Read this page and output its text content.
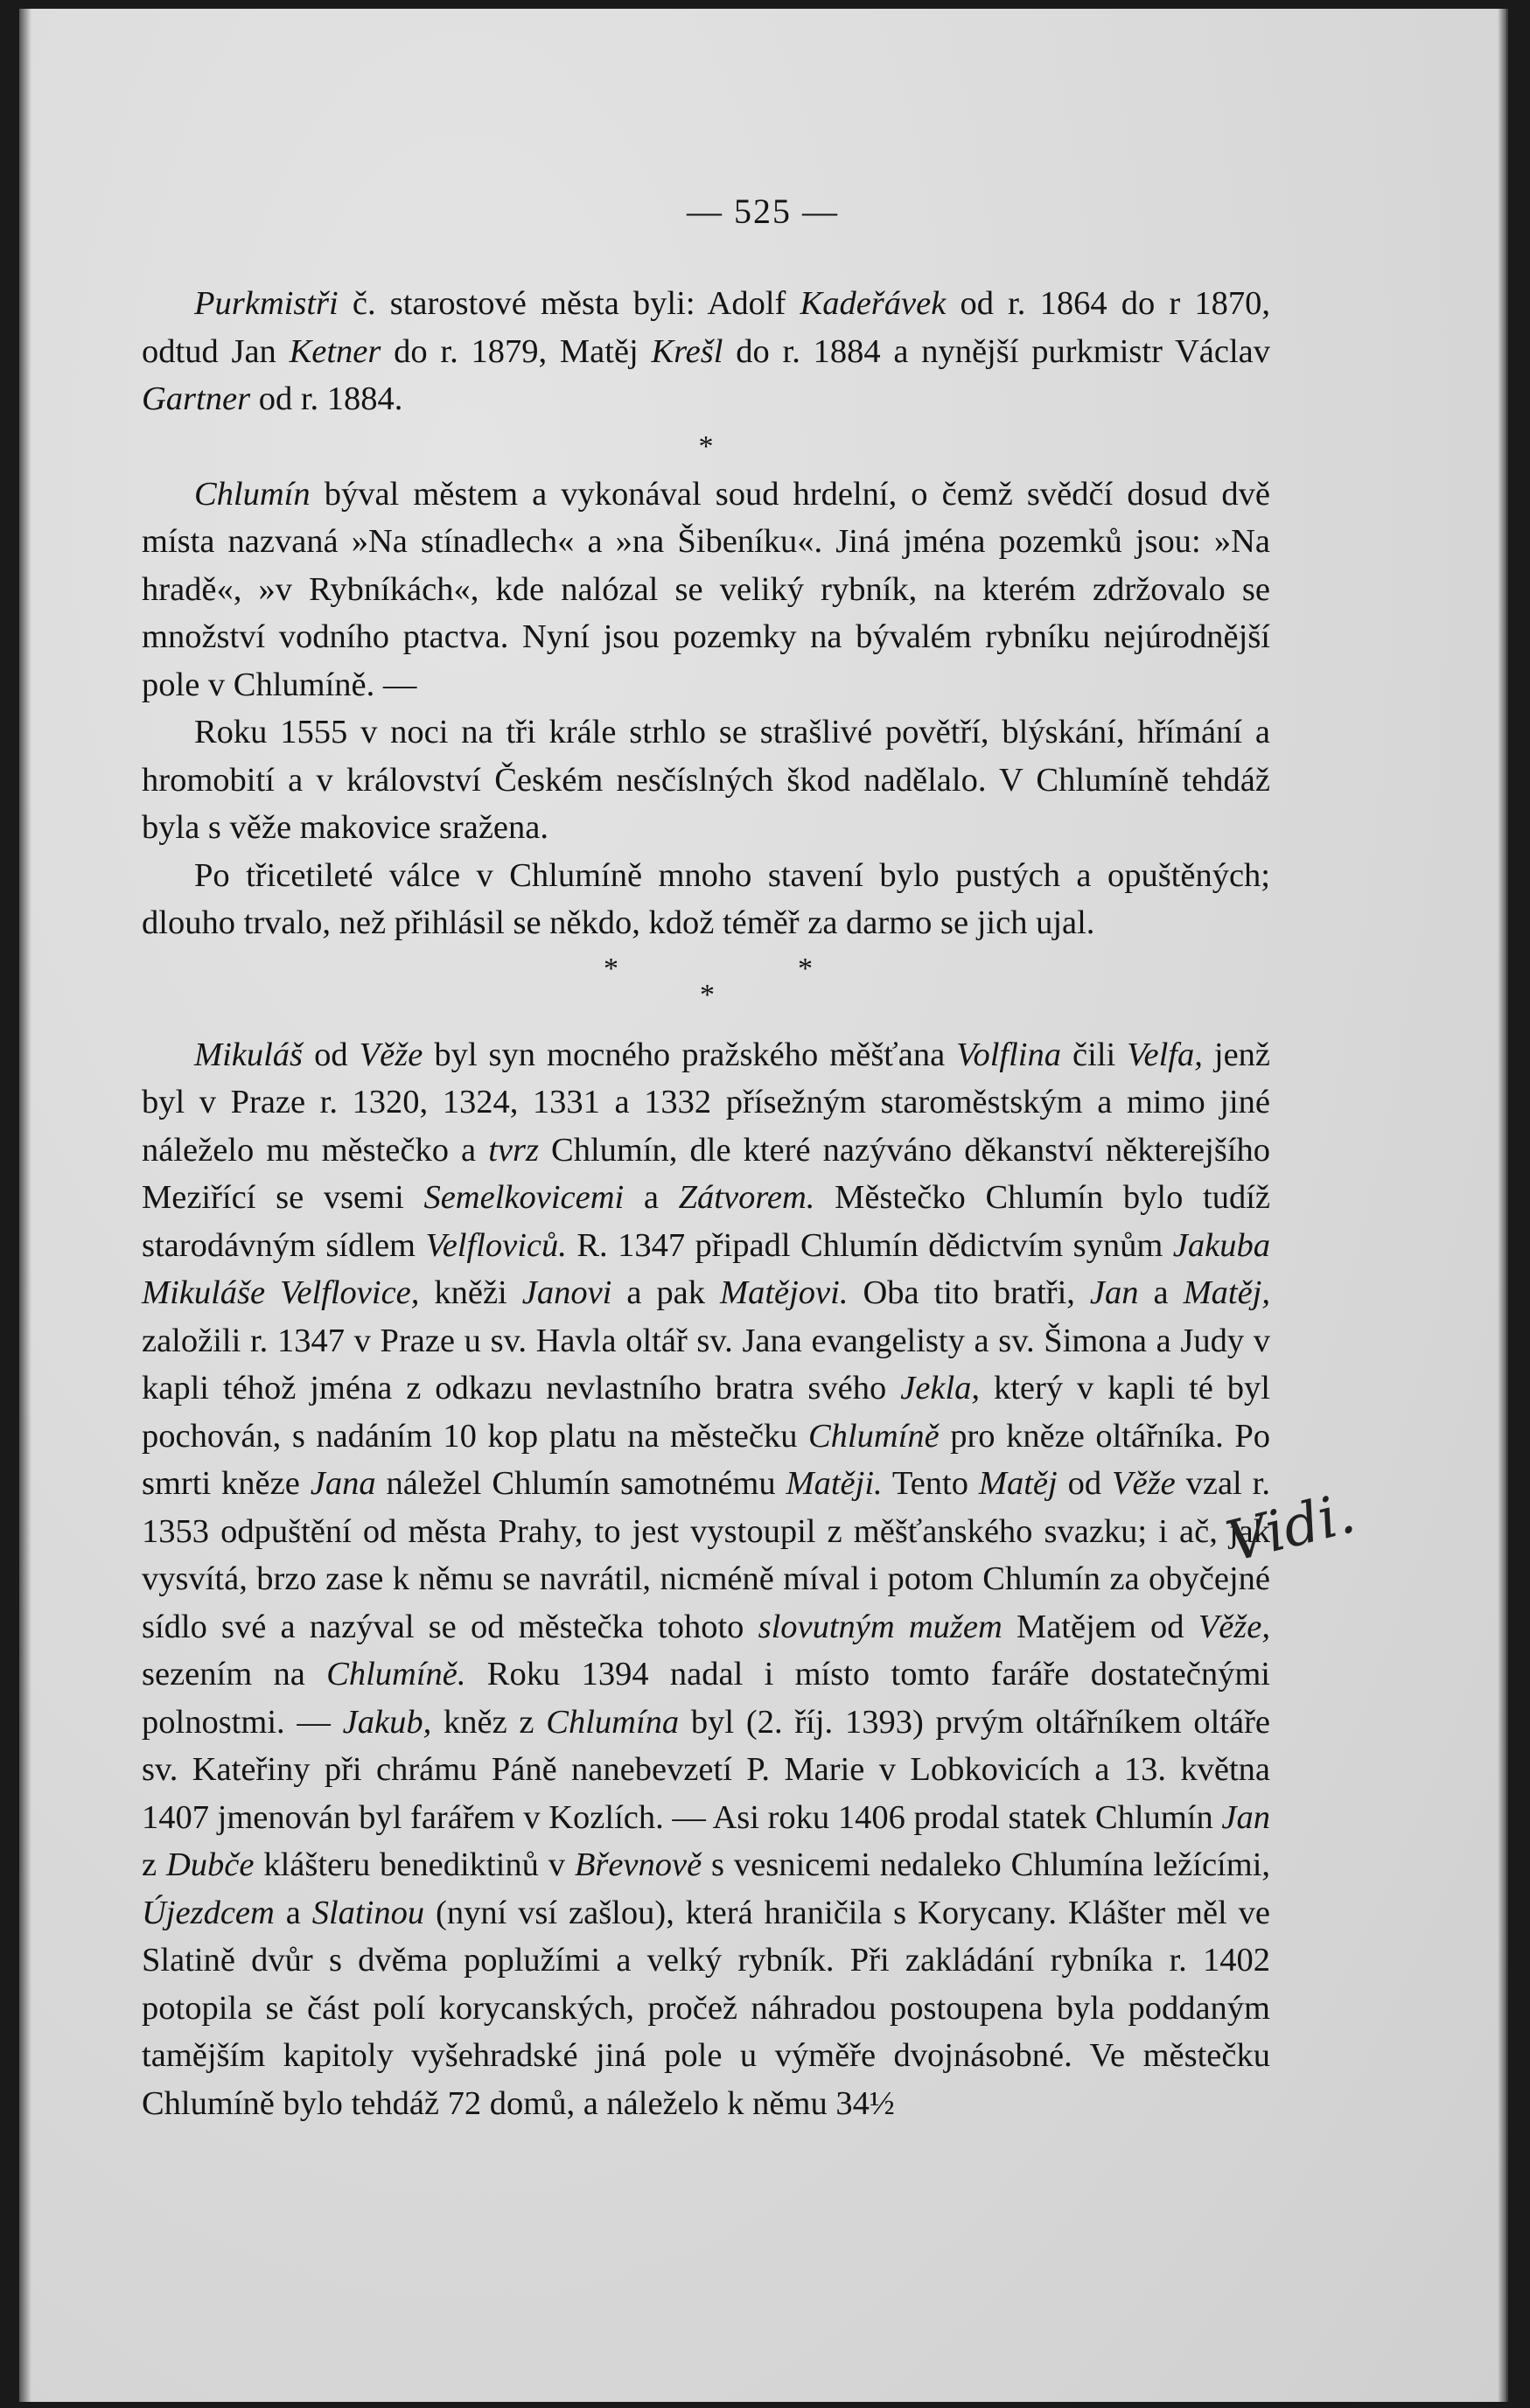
— 525 —

Purkmistři č. starostové města byli: Adolf Kadeřávek od r. 1864 do r 1870, odtud Jan Ketner do r. 1879, Matěj Krešl do r. 1884 a nynější purkmistr Václav Gartner od r. 1884.

*

Chlumín býval městem a vykonával soud hrdelní, o čemž svědčí dosud dvě místa nazvaná »Na stínadlech« a »na Šibeníku«. Jiná jména pozemků jsou: »Na hradě«, »v Rybníkách«, kde nalózal se veliký rybník, na kterém zdržovalo se množství vodního ptactva. Nyní jsou pozemky na bývalém rybníku nejúrodnější pole v Chlumíně. —

Roku 1555 v noci na tři krále strhlo se strašlivé povětří, blýskání, hřímání a hromobití a v království Českém nesčíslných škod nadělalo. V Chlumíně tehdáž byla s věže makovice sražena.

Po třicetileté válce v Chlumíně mnoho stavení bylo pustých a opuštěných; dlouho trvalo, než přihlásil se někdo, kdož téměř za darmo se jich ujal.

*	*
*

Mikuláš od Věže byl syn mocného pražského měšťana Volflina čili Velfa, jenž byl v Praze r. 1320, 1324, 1331 a 1332 přísežným staroměstským a mimo jiné náleželo mu městečko a tvrz Chlumín, dle které nazýváno děkanství některejšího Meziřící se vsemi Semelkovicemi a Zátvorem. Městečko Chlumín bylo tudíž starodávným sídlem Velfloviců. R. 1347 připadl Chlumín dědictvím synům Jakuba Mikuláše Velflovice, kněži Janovi a pak Matějovi. Oba tito bratři, Jan a Matěj, založili r. 1347 v Praze u sv. Havla oltář sv. Jana evangelisty a sv. Šimona a Judy v kapli téhož jména z odkazu nevlastního bratra svého Jekla, který v kapli té byl pochován, s nadáním 10 kop platu na městečku Chlumíně pro kněze oltářníka. Po smrti kněze Jana náležel Chlumín samotnému Matěji. Tento Matěj od Věže vzal r. 1353 odpuštění od města Prahy, to jest vystoupil z měšťanského svazku; i ač, jak vysvítá, brzo zase k němu se navrátil, nicméně míval i potom Chlumín za obyčejné sídlo své a nazýval se od městečka tohoto slovutným mužem Matějem od Věže, sezením na Chlumíně. Roku 1394 nadal i místo tomto faráře dostatečnými polnostmi. — Jakub, kněz z Chlumína byl (2. říj. 1393) prvým oltářníkem oltáře sv. Kateřiny při chrámu Páně nanebevzetí P. Marie v Lobkovicích a 13. května 1407 jmenován byl farářem v Kozlích. — Asi roku 1406 prodal statek Chlumín Jan z Dubče klášteru benediktinů v Břevnově s vesnicemi nedaleko Chlumína ležícími, Újezdcem a Slatinou (nyní vsí zašlou), která hraničila s Korycany. Klášter měl ve Slatině dvůr s dvěma poplužími a velký rybník. Při zakládání rybníka r. 1402 potopila se část polí korycanských, pročež náhradou postoupena byla poddaným tamějším kapitoly vyšehradské jiná pole u výměře dvojnásobné. Ve městečku Chlumíně bylo tehdáž 72 domů, a náleželo k němu 34½

Vidi.
